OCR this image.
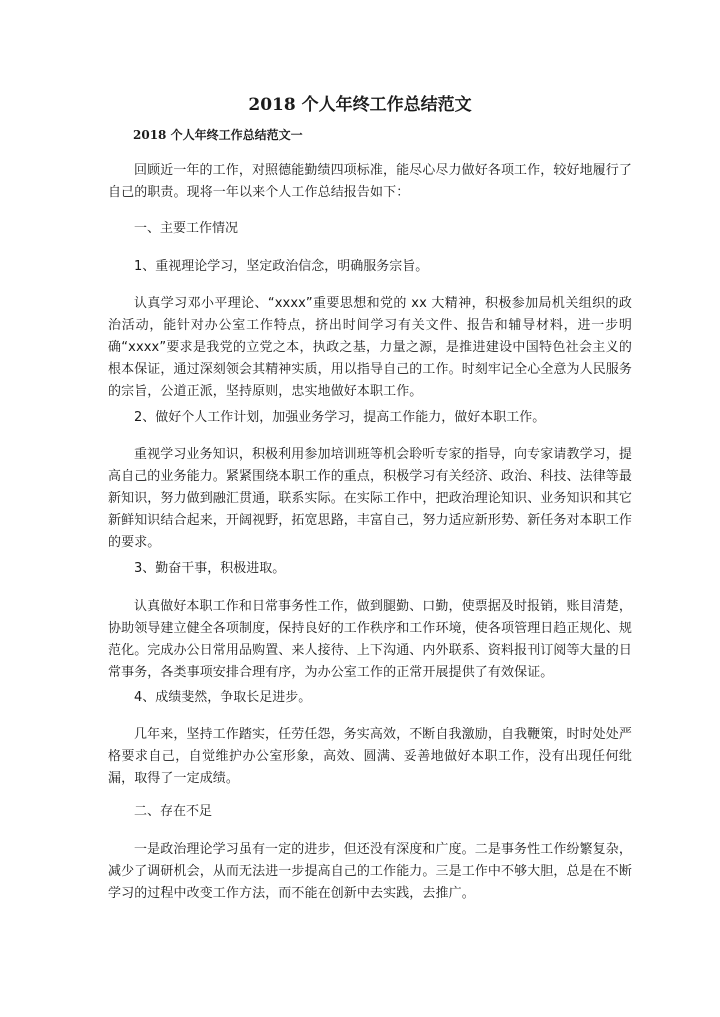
2018 个人年终工作总结范文
2018 个人年终工作总结范文一

回顾近一年的工作，对照德能勤绩四项标准，能尽心尽力做好各项工作，较好地履行了自己的职责。现将一年以来个人工作总结报告如下：

一、主要工作情况

1、重视理论学习，坚定政治信念，明确服务宗旨。

认真学习邓小平理论、“xxxx”重要思想和党的 xx 大精神，积极参加局机关组织的政治活动，能针对办公室工作特点，挤出时间学习有关文件、报告和辅导材料，进一步明确“xxxx”要求是我党的立党之本，执政之基，力量之源，是推进建设中国特色社会主义的根本保证，通过深刻领会其精神实质，用以指导自己的工作。时刻牢记全心全意为人民服务的宗旨，公道正派，坚持原则，忠实地做好本职工作。

2、做好个人工作计划，加强业务学习，提高工作能力，做好本职工作。

重视学习业务知识，积极利用参加培训班等机会聆听专家的指导，向专家请教学习，提高自己的业务能力。紧紧围绕本职工作的重点，积极学习有关经济、政治、科技、法律等最新知识，努力做到融汇贯通，联系实际。在实际工作中，把政治理论知识、业务知识和其它新鲜知识结合起来，开阔视野，拓宽思路，丰富自己，努力适应新形势、新任务对本职工作的要求。

3、勤奋干事，积极进取。

认真做好本职工作和日常事务性工作，做到腿勤、口勤，使票据及时报销，账目清楚，协助领导建立健全各项制度，保持良好的工作秩序和工作环境，使各项管理日趋正规化、规范化。完成办公日常用品购置、来人接待、上下沟通、内外联系、资料报刊订阅等大量的日常事务，各类事项安排合理有序，为办公室工作的正常开展提供了有效保证。

4、成绩斐然，争取长足进步。

几年来，坚持工作踏实，任劳任怨，务实高效，不断自我激励，自我鞭策，时时处处严格要求自己，自觉维护办公室形象，高效、圆满、妥善地做好本职工作，没有出现任何纰漏，取得了一定成绩。

二、存在不足

一是政治理论学习虽有一定的进步，但还没有深度和广度。二是事务性工作纷繁复杂，减少了调研机会，从而无法进一步提高自己的工作能力。三是工作中不够大胆，总是在不断学习的过程中改变工作方法，而不能在创新中去实践，去推广。
